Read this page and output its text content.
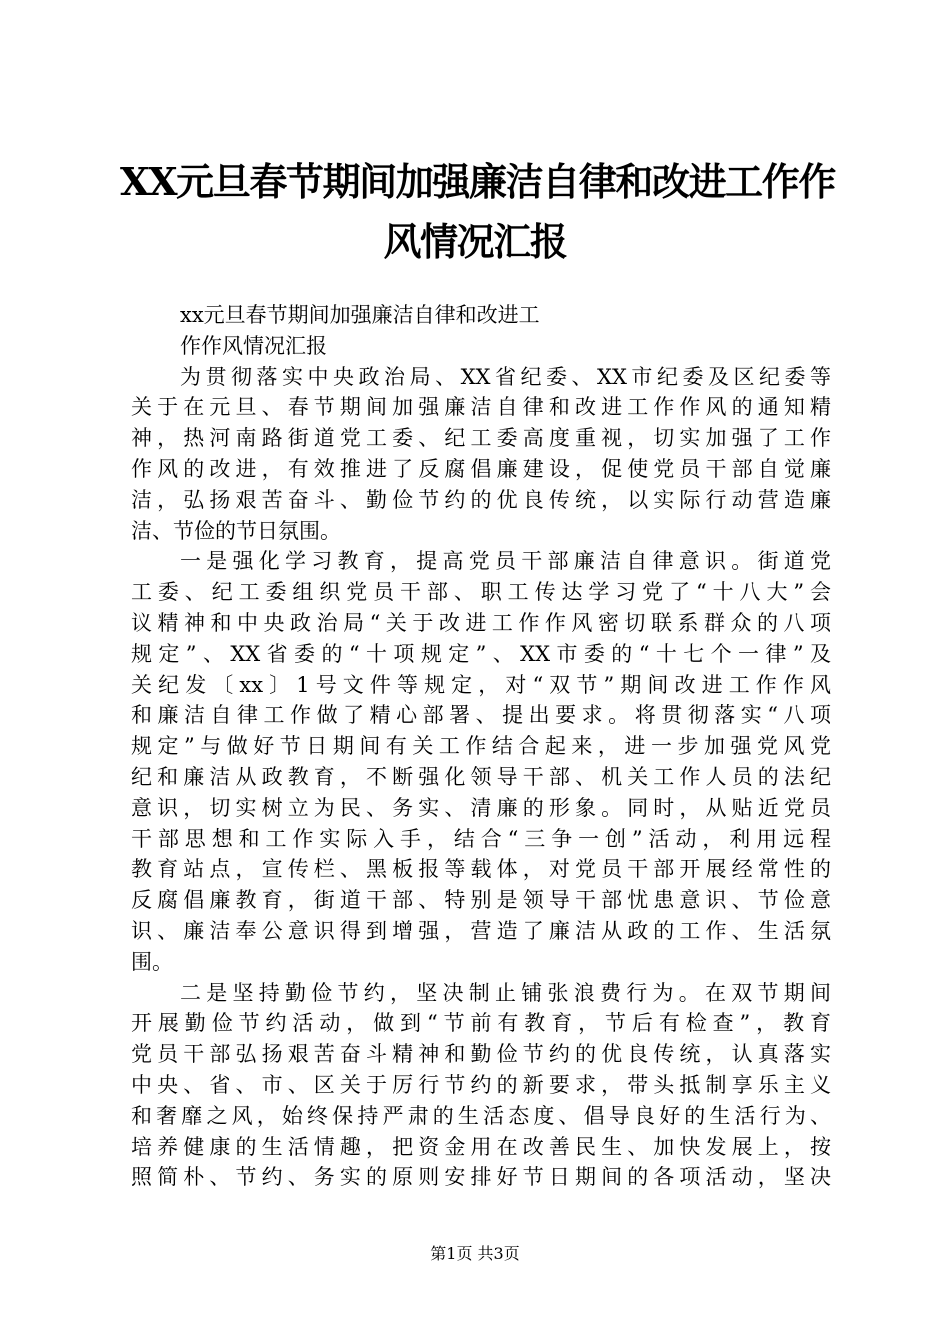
XX元旦春节期间加强廉洁自律和改进工作作
风情况汇报
xx元旦春节期间加强廉洁自律和改进工
作作风情况汇报
为贯彻落实中央政治局、XX省纪委、XX市纪委及区纪委等
关于在元旦、春节期间加强廉洁自律和改进工作作风的通知精
神，热河南路街道党工委、纪工委高度重视，切实加强了工作
作风的改进，有效推进了反腐倡廉建设，促使党员干部自觉廉
洁，弘扬艰苦奋斗、勤俭节约的优良传统，以实际行动营造廉
洁、节俭的节日氛围。
一是强化学习教育，提高党员干部廉洁自律意识。街道党
工委、纪工委组织党员干部、职工传达学习党了“十八大”会
议精神和中央政治局“关于改进工作作风密切联系群众的八项
规定”、XX省委的“十项规定”、XX市委的“十七个一律”及
关纪发〔xx〕1号文件等规定，对“双节”期间改进工作作风
和廉洁自律工作做了精心部署、提出要求。将贯彻落实“八项
规定”与做好节日期间有关工作结合起来，进一步加强党风党
纪和廉洁从政教育，不断强化领导干部、机关工作人员的法纪
意识，切实树立为民、务实、清廉的形象。同时，从贴近党员
干部思想和工作实际入手，结合“三争一创”活动，利用远程
教育站点，宣传栏、黑板报等载体，对党员干部开展经常性的
反腐倡廉教育，街道干部、特别是领导干部忧患意识、节俭意
识、廉洁奉公意识得到增强，营造了廉洁从政的工作、生活氛
围。
二是坚持勤俭节约，坚决制止铺张浪费行为。在双节期间
开展勤俭节约活动，做到“节前有教育，节后有检查”，教育
党员干部弘扬艰苦奋斗精神和勤俭节约的优良传统，认真落实
中央、省、市、区关于厉行节约的新要求，带头抵制享乐主义
和奢靡之风，始终保持严肃的生活态度、倡导良好的生活行为、
培养健康的生活情趣，把资金用在改善民生、加快发展上，按
照简朴、节约、务实的原则安排好节日期间的各项活动，坚决
第1页 共3页
